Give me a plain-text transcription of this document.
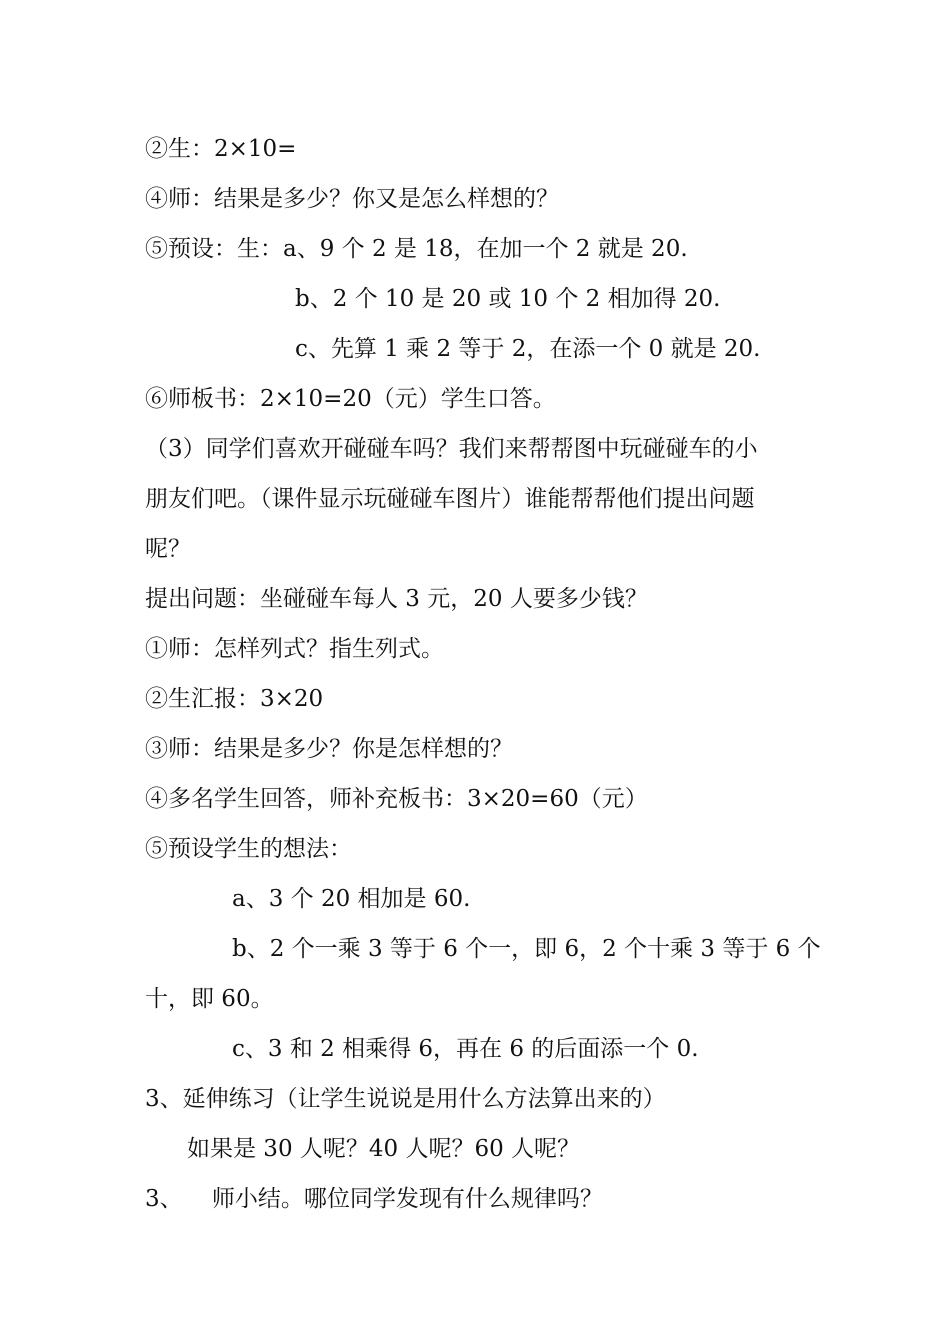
②生：2×10=
④师：结果是多少？你又是怎么样想的？
⑤预设：生：a、9 个 2 是 18，在加一个 2 就是 20.
b、2 个 10 是 20 或 10 个 2 相加得 20.
c、先算 1 乘 2 等于 2，在添一个 0 就是 20.
⑥师板书：2×10=20（元）学生口答。
（3）同学们喜欢开碰碰车吗？我们来帮帮图中玩碰碰车的小
朋友们吧。（课件显示玩碰碰车图片）谁能帮帮他们提出问题
呢？
提出问题：坐碰碰车每人 3 元，20 人要多少钱？
①师：怎样列式？指生列式。
②生汇报：3×20
③师：结果是多少？你是怎样想的？
④多名学生回答，师补充板书：3×20=60（元）
⑤预设学生的想法：
a、3 个 20 相加是 60.
b、2 个一乘 3 等于 6 个一，即 6，2 个十乘 3 等于 6 个
十，即 60。
c、3 和 2 相乘得 6，再在 6 的后面添一个 0.
3、延伸练习（让学生说说是用什么方法算出来的）
如果是 30 人呢？40 人呢？60 人呢？
3、    师小结。哪位同学发现有什么规律吗？
